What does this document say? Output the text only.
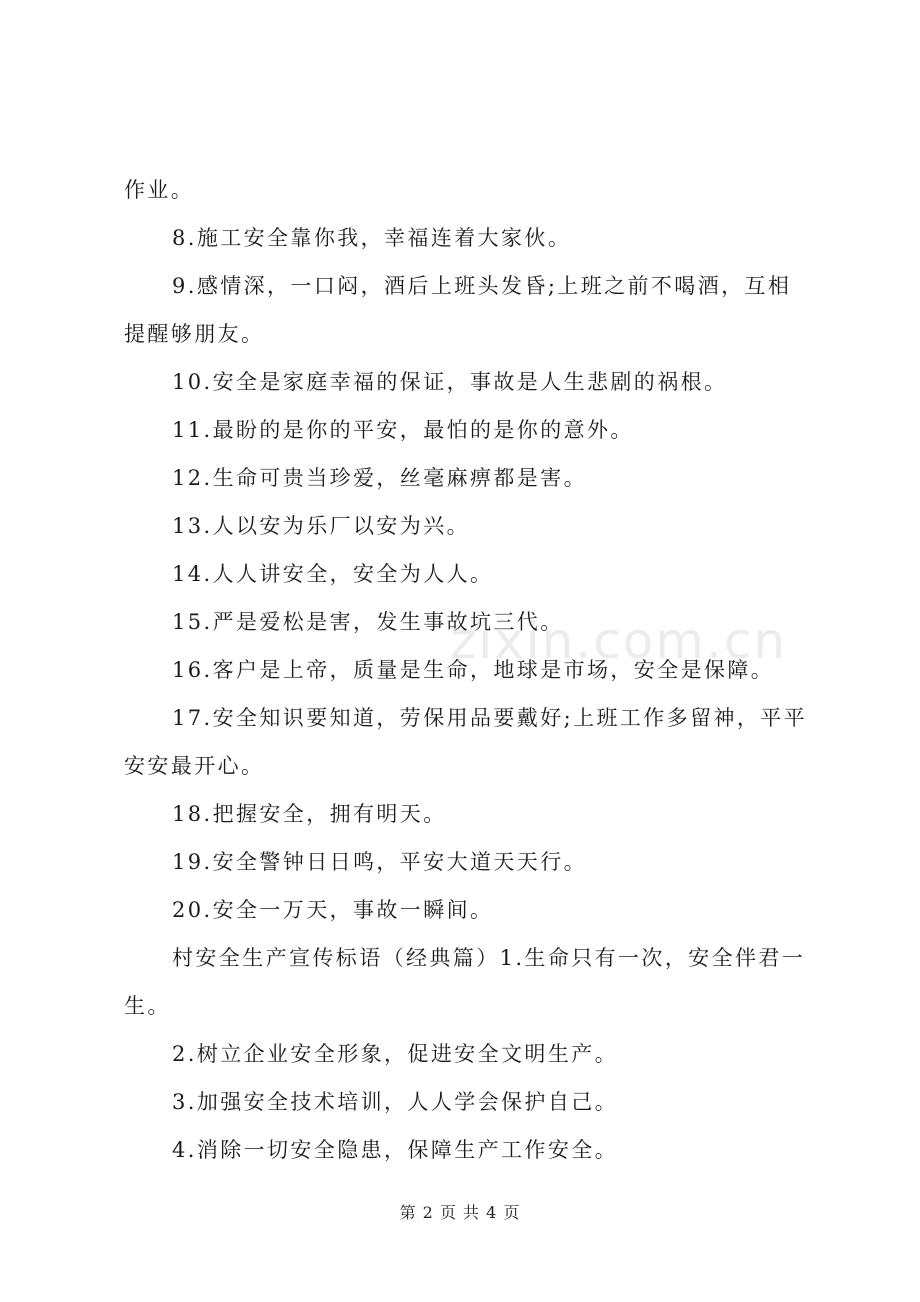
作业。

8.施工安全靠你我，幸福连着大家伙。

9.感情深，一口闷，酒后上班头发昏;上班之前不喝酒，互相提醒够朋友。

10.安全是家庭幸福的保证，事故是人生悲剧的祸根。

11.最盼的是你的平安，最怕的是你的意外。

12.生命可贵当珍爱，丝毫麻痹都是害。

13.人以安为乐厂以安为兴。

14.人人讲安全，安全为人人。

15.严是爱松是害，发生事故坑三代。

16.客户是上帝，质量是生命，地球是市场，安全是保障。

17.安全知识要知道，劳保用品要戴好;上班工作多留神，平平安安最开心。

18.把握安全，拥有明天。

19.安全警钟日日鸣，平安大道天天行。

20.安全一万天，事故一瞬间。

村安全生产宣传标语（经典篇）1.生命只有一次，安全伴君一生。

2.树立企业安全形象，促进安全文明生产。

3.加强安全技术培训，人人学会保护自己。

4.消除一切安全隐患，保障生产工作安全。

zixin.com.cn
第 2 页 共 4 页
